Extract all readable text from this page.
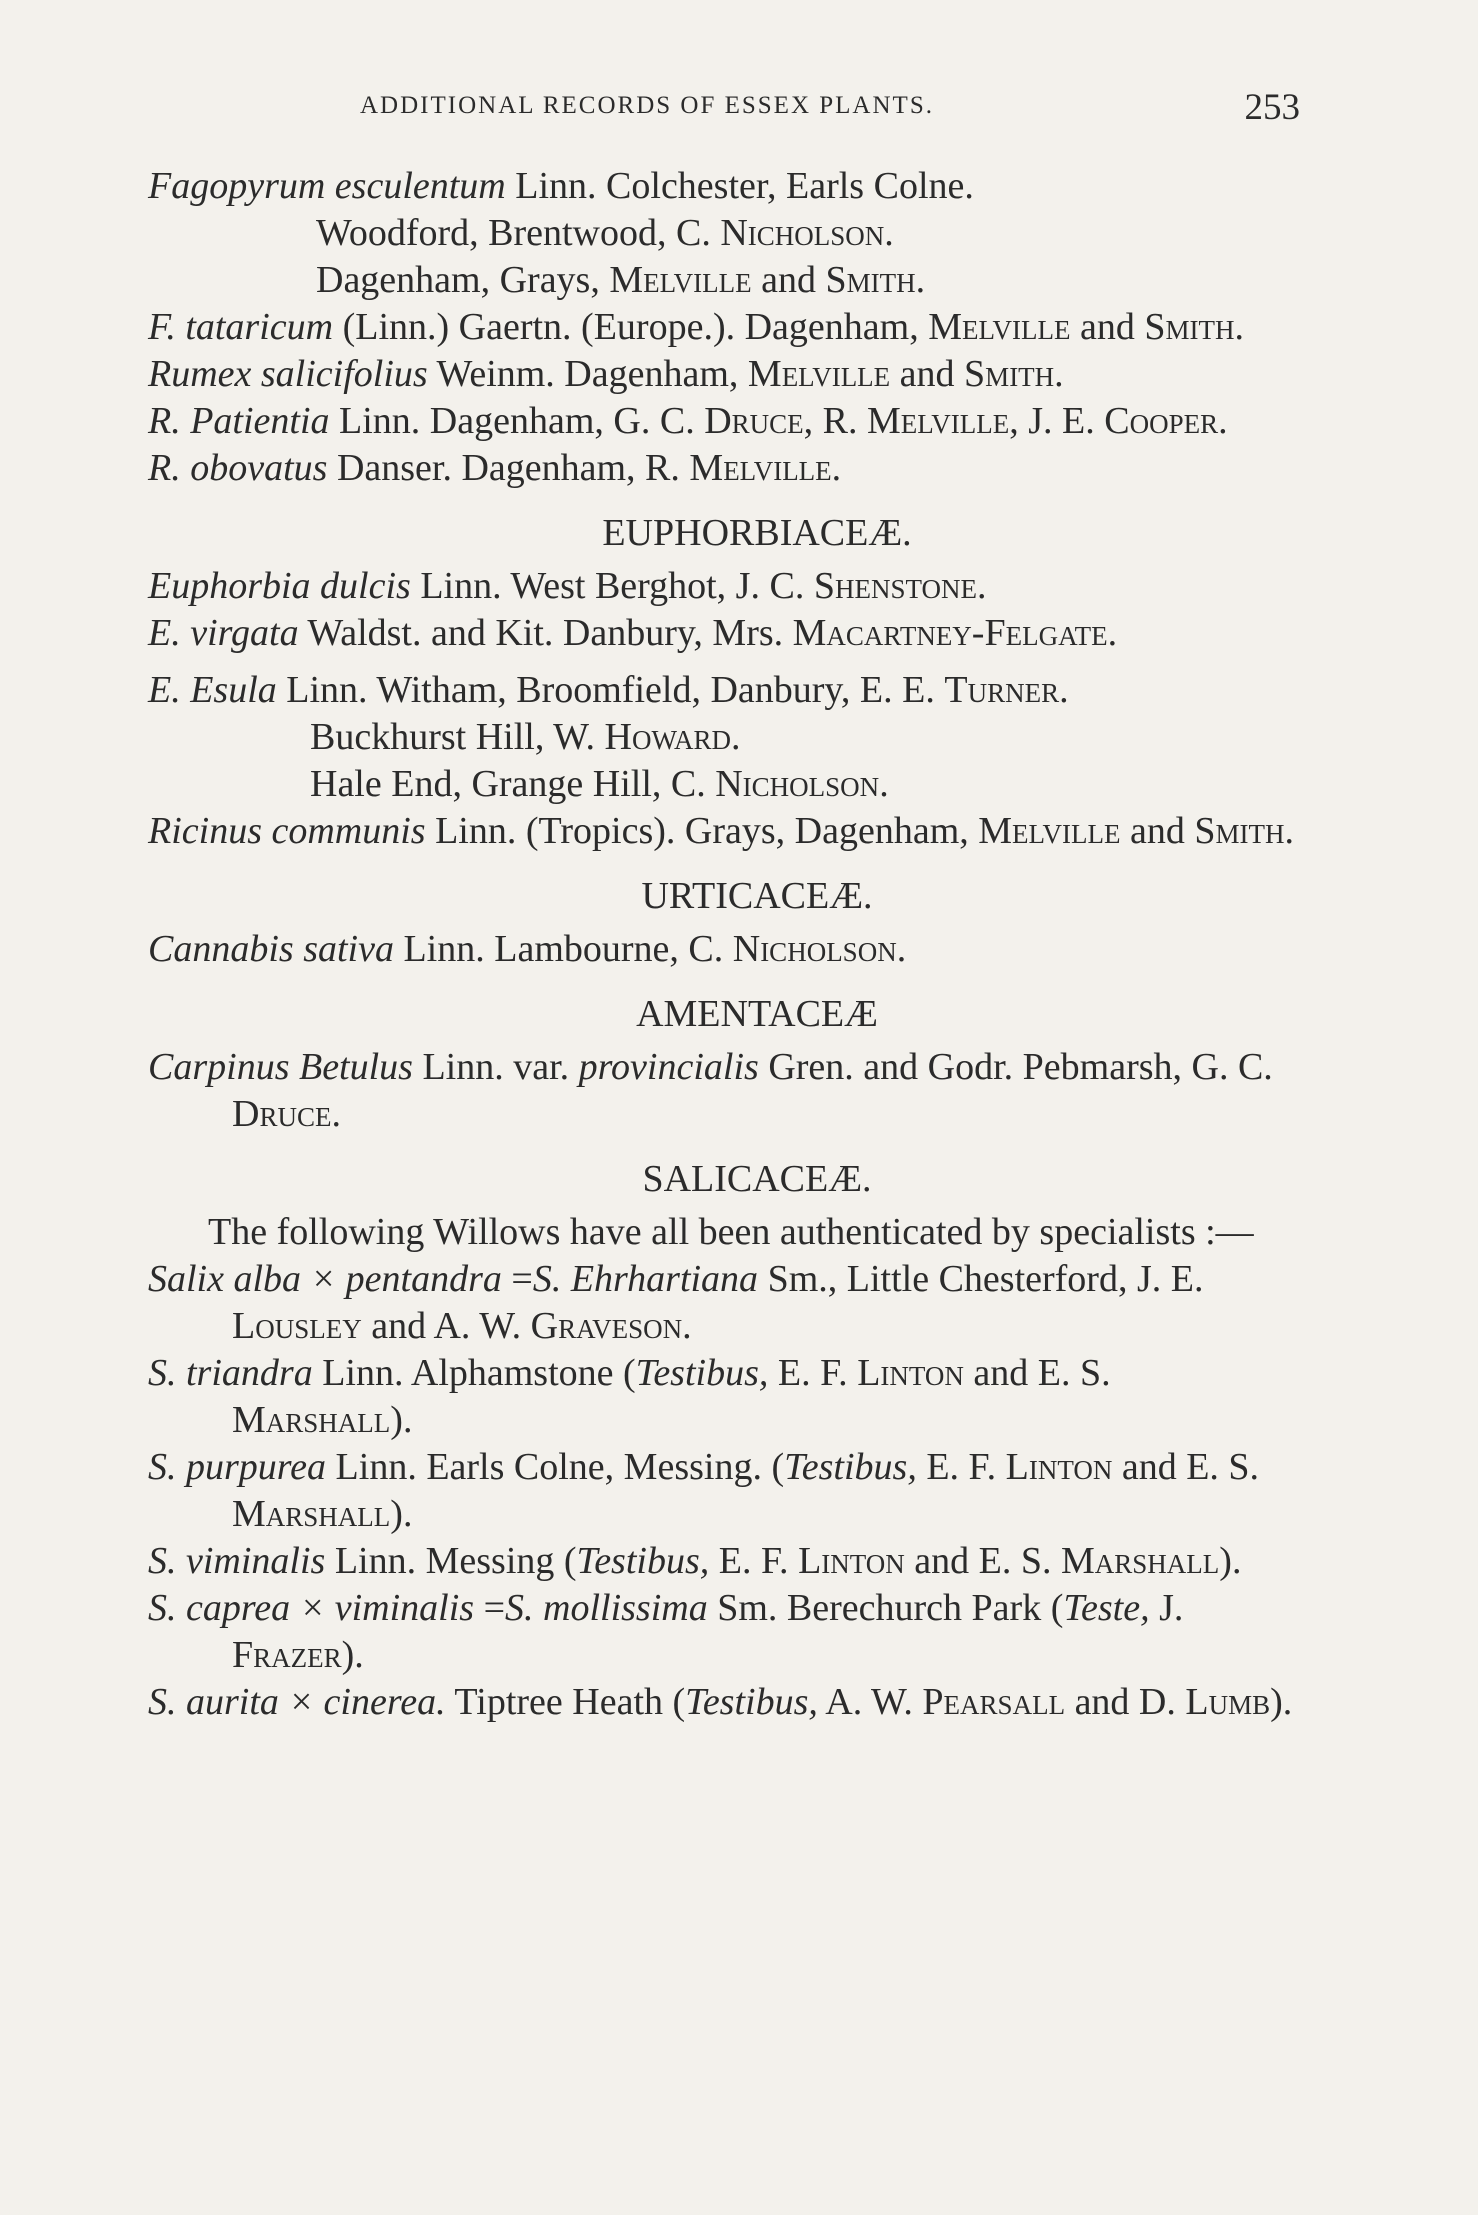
ADDITIONAL RECORDS OF ESSEX PLANTS.	253

Fagopyrum esculentum Linn. Colchester, Earls Colne.

Woodford, Brentwood, C. Nicholson.

Dagenham, Grays, Melville and Smith.

F. tataricum (Linn.) Gaertn. (Europe.). Dagenham, Melville and Smith.

Rumex salicifolius Weinm. Dagenham, Melville and Smith.

R. Patientia Linn. Dagenham, G. C. Druce, R. Melville, J. E. Cooper.

R. obovatus Danser. Dagenham, R. Melville.

EUPHORBIACEÆ.

Euphorbia dulcis Linn. West Berghot, J. C. Shenstone.

E. virgata Waldst. and Kit. Danbury, Mrs. Macartney-Felgate.

E. Esula Linn. Witham, Broomfield, Danbury, E. E. Turner.

Buckhurst Hill, W. Howard.

Hale End, Grange Hill, C. Nicholson.

Ricinus communis Linn. (Tropics). Grays, Dagenham, Melville and Smith.

URTICACEÆ.

Cannabis sativa Linn. Lambourne, C. Nicholson.

AMENTACEÆ

Carpinus Betulus Linn. var. provincialis Gren. and Godr. Pebmarsh, G. C. Druce.

SALICACEÆ.

The following Willows have all been authenticated by specialists :—

Salix alba × pentandra =S. Ehrhartiana Sm., Little Chesterford, J. E. Lousley and A. W. Graveson.

S. triandra Linn. Alphamstone (Testibus, E. F. Linton and E. S. Marshall).

S. purpurea Linn. Earls Colne, Messing. (Testibus, E. F. Linton and E. S. Marshall).

S. viminalis Linn. Messing (Testibus, E. F. Linton and E. S. Marshall).

S. caprea × viminalis =S. mollissima Sm. Berechurch Park (Teste, J. Frazer).

S. aurita × cinerea. Tiptree Heath (Testibus, A. W. Pearsall and D. Lumb).
